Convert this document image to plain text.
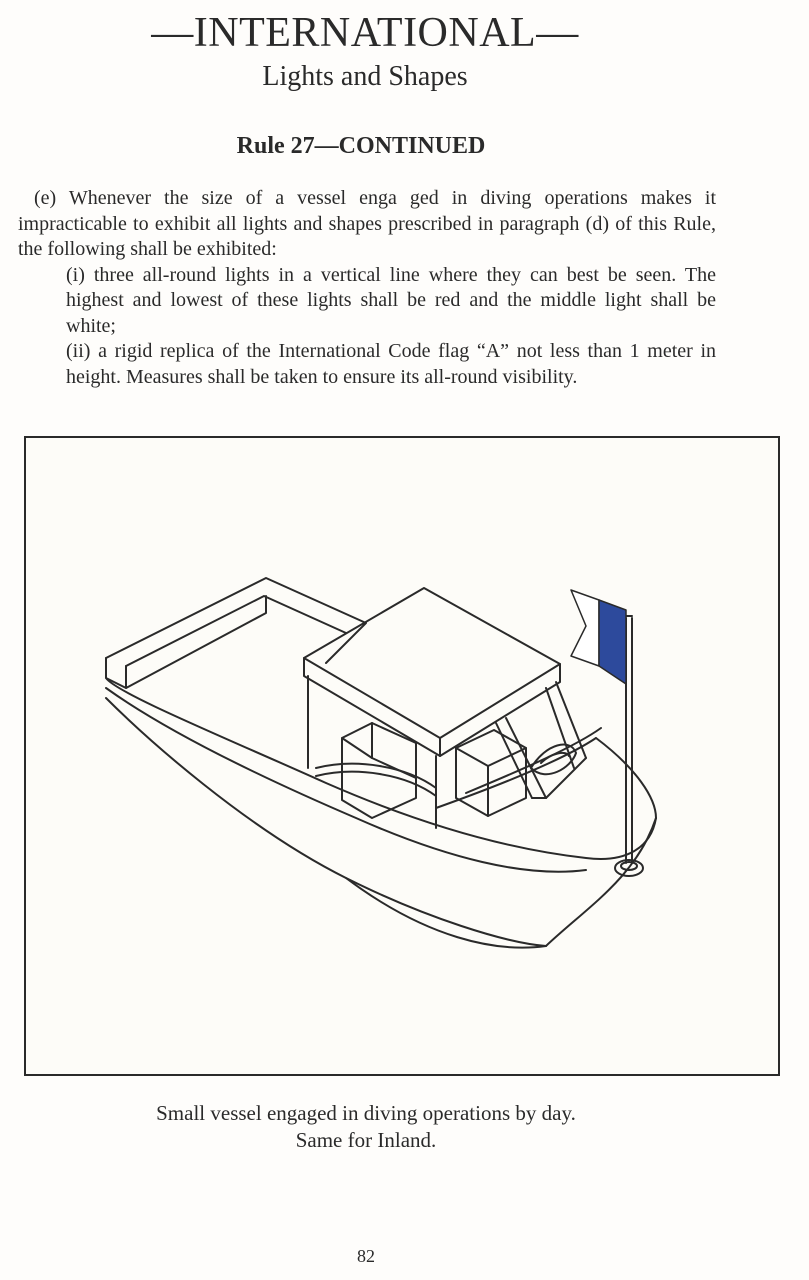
—INTERNATIONAL—
Lights and Shapes
Rule 27—CONTINUED

(e) Whenever the size of a vessel enga ged in diving operations makes it impracticable to exhibit all lights and shapes prescribed in paragraph (d) of this Rule, the following shall be exhibited:

(i) three all-round lights in a vertical line where they can best be seen. The highest and lowest of these lights shall be red and the middle light shall be white;

(ii) a rigid replica of the International Code flag “A” not less than 1 meter in height. Measures shall be taken to ensure its all-round visibility.

Small vessel engaged in diving operations by day.
Same for Inland.
82
